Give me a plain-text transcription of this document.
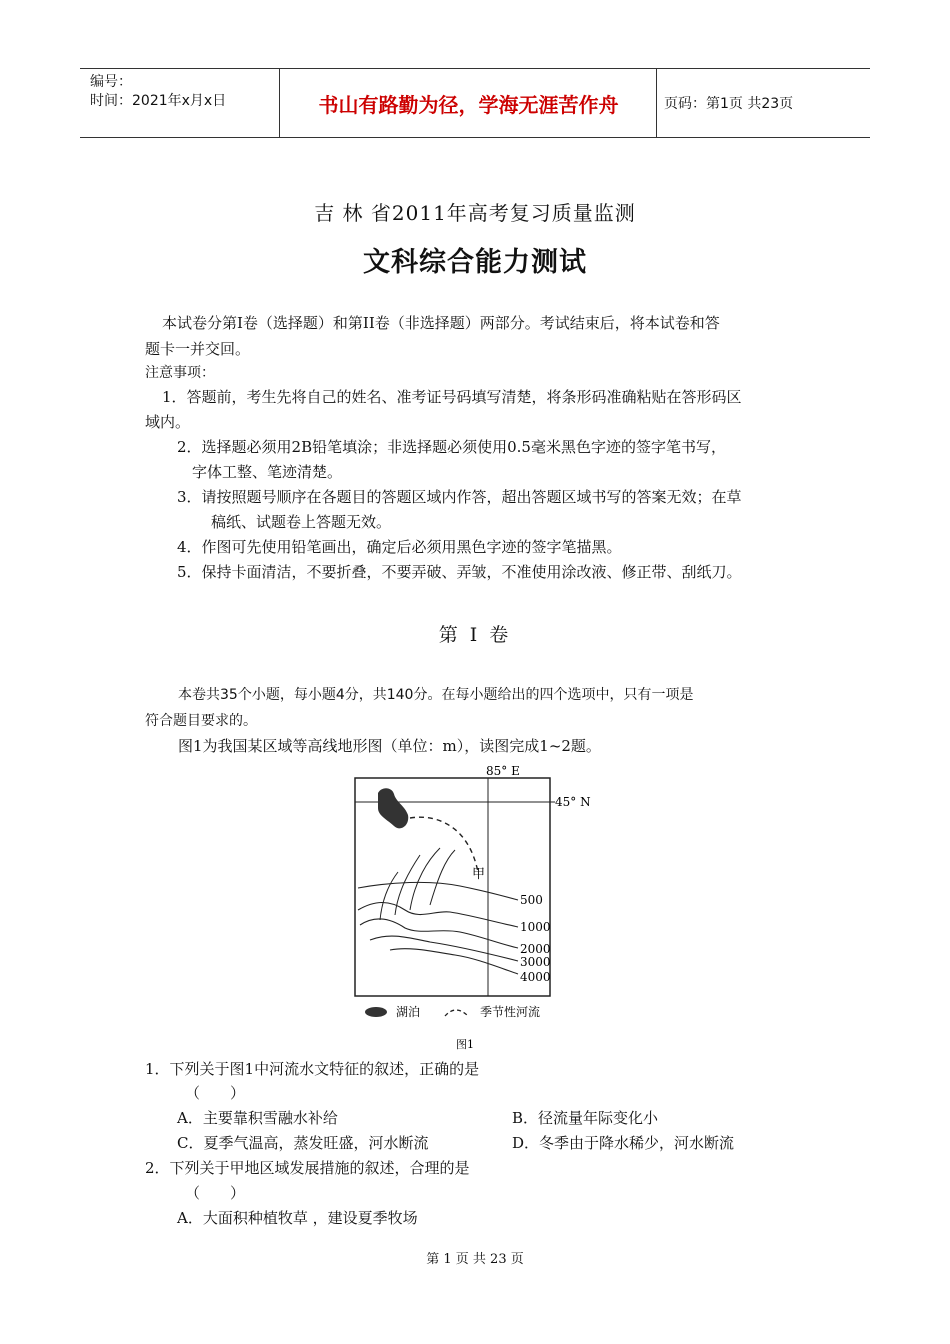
编号：
时间：2021年x月x日	书山有路勤为径，学海无涯苦作舟	页码：第1页 共23页
吉 林 省2011年高考复习质量监测
文科综合能力测试
本试卷分第I卷（选择题）和第II卷（非选择题）两部分。考试结束后，将本试卷和答
题卡一并交回。
注意事项：
1．答题前，考生先将自己的姓名、准考证号码填写清楚，将条形码准确粘贴在答形码区
域内。
2．选择题必须用2B铅笔填涂；非选择题必须使用0.5毫米黑色字迹的签字笔书写，
字体工整、笔迹清楚。
3．请按照题号顺序在各题目的答题区域内作答，超出答题区域书写的答案无效；在草
稿纸、试题卷上答题无效。
4．作图可先使用铅笔画出，确定后必须用黑色字迹的签字笔描黑。
5．保持卡面清洁，不要折叠，不要弄破、弄皱，不准使用涂改液、修正带、刮纸刀。
第 I 卷
本卷共35个小题，每小题4分，共140分。在每小题给出的四个选项中，只有一项是
符合题目要求的。
图1为我国某区域等高线地形图（单位：m），读图完成1~2题。
85° E
45° N
甲
500
1000
2000
3000
4000
湖泊	季节性河流
图1
1．下列关于图1中河流水文特征的叙述，正确的是
（　　）
A．主要靠积雪融水补给	B．径流量年际变化小
C．夏季气温高，蒸发旺盛，河水断流	D．冬季由于降水稀少，河水断流
2．下列关于甲地区域发展措施的叙述，合理的是
（　　）
A．大面积种植牧草 ，建设夏季牧场
第 1 页 共 23 页
